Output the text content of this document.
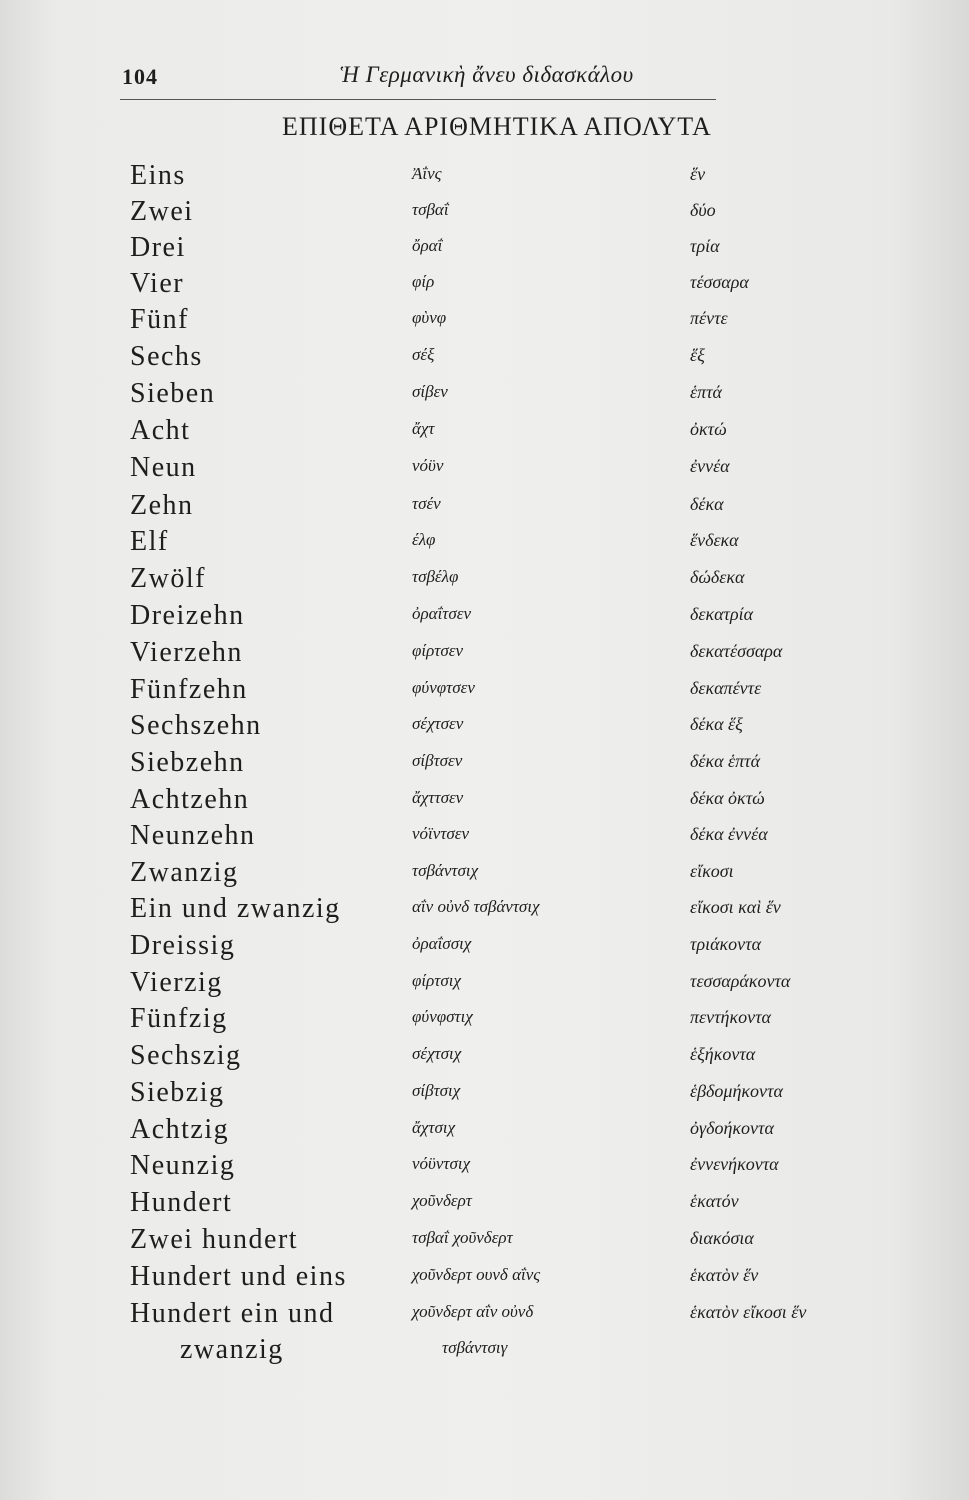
104	Ἡ Γερμανικὴ ἄνευ διδασκάλου
ΕΠΙΘΕΤΑ ΑΡΙΘΜΗΤΙΚΑ ΑΠΟΛΥΤΑ
Eins	Ἀΐνς	ἕν
Zwei	τσβαΐ	δύο
Drei	ὄραΐ	τρία
Vier	φίρ	τέσσαρα
Fünf	φὺνφ	πέντε
Sechs	σέξ	ἕξ
Sieben	σίβεν	ἑπτά
Acht	ἄχτ	ὀκτώ
Neun	νόϋν	ἐννέα
Zehn	τσέν	δέκα
Elf	έλφ	ἕνδεκα
Zwölf	τσβέλφ	δώδεκα
Dreizehn	ὀραΐτσεν	δεκατρία
Vierzehn	φίρτσεν	δεκατέσσαρα
Fünfzehn	φύνφτσεν	δεκαπέντε
Sechszehn	σέχτσεν	δέκα ἕξ
Siebzehn	σίβτσεν	δέκα ἑπτά
Achtzehn	ἄχττσεν	δέκα ὀκτώ
Neunzehn	νόϊντσεν	δέκα ἐννέα
Zwanzig	τσβάντσιχ	εἴκοσι
Ein und zwanzig	αΐν οὐνδ τσβάντσιχ	εἴκοσι καὶ ἕν
Dreissig	ὀραΐσσιχ	τριάκοντα
Vierzig	φίρτσιχ	τεσσαράκοντα
Fünfzig	φύνφστιχ	πεντήκοντα
Sechszig	σέχτσιχ	ἑξήκοντα
Siebzig	σίβτσιχ	ἑβδομήκοντα
Achtzig	ἄχτσιχ	ὀγδοήκοντα
Neunzig	νόϋντσιχ	ἐννενήκοντα
Hundert	χοῦνδερτ	ἑκατόν
Zwei hundert	τσβαΐ χοῦνδερτ	διακόσια
Hundert und eins	χοῦνδερτ ουνδ αΐνς	ἑκατὸν ἕν
Hundert ein und	χοῦνδερτ αΐν οὐνδ	ἑκατὸν εἴκοσι ἕν
zwanzig	τσβάντσιγ
